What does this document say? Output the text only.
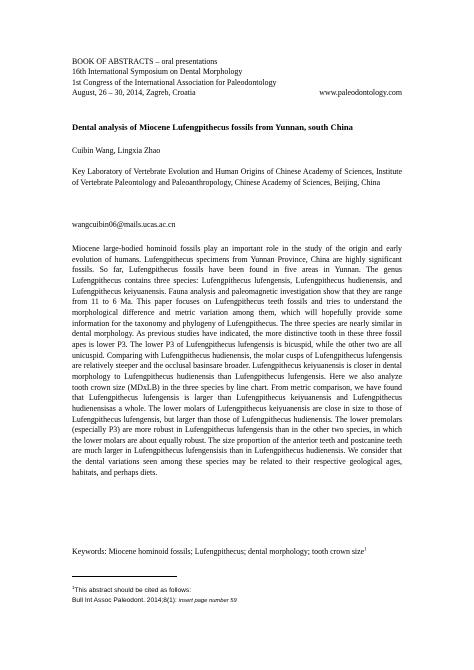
BOOK OF ABSTRACTS – oral presentations
16th International Symposium on Dental Morphology
1st Congress of the International Association for Paleodontology
August, 26 – 30, 2014, Zagreb, Croatia	www.paleodontology.com
Dental analysis of Miocene Lufengpithecus fossils from Yunnan, south China
Cuibin Wang, Lingxia Zhao
Key Laboratory of Vertebrate Evolution and Human Origins of Chinese Academy of Sciences, Institute of Vertebrate Paleontology and Paleoanthropology, Chinese Academy of Sciences, Beijing, China
wangcuibin06@mails.ucas.ac.cn
Miocene large-bodied hominoid fossils play an important role in the study of the origin and early evolution of humans. Lufengpithecus specimens from Yunnan Province, China are highly significant fossils. So far, Lufengpithecus fossils have been found in five areas in Yunnan. The genus Lufengpithecus contains three species: Lufengpithecus lufengensis, Lufengpithecus hudienensis, and Lufengpithecus keiyuanensis. Fauna analysis and paleomagnetic investigation show that they are range from 11 to 6 Ma. This paper focuses on Lufengpithecus teeth fossils and tries to understand the morphological difference and metric variation among them, which will hopefully provide some information for the taxonomy and phylogeny of Lufengpithecus. The three species are nearly similar in dental morphology. As previous studies have indicated, the more distinctive tooth in these three fossil apes is lower P3. The lower P3 of Lufengpithecus lufengensis is bicuspid, while the other two are all unicuspid. Comparing with Lufengpithecus hudienensis, the molar cusps of Lufengpithecus lufengensis are relatively steeper and the occlusal basinsare broader. Lufengpithecus keiyuanensis is closer in dental morphology to Lufengpithecus hudienensis than Lufengpithecus lufengensis. Here we also analyze tooth crown size (MDxLB) in the three species by line chart. From metric comparison, we have found that Lufengpithecus lufengensis is larger than Lufengpithecus keiyuanensis and Lufengpithecus hudienensisas a whole. The lower molars of Lufengpithecus keiyuanensis are close in size to those of Lufengpithecus lufengensis, but larger than those of Lufengpithecus hudienensis. The lower premolars (especially P3) are more robust in Lufengpithecus lufengensis than in the other two species, in which the lower molars are about equally robust. The size proportion of the anterior teeth and postcanine teeth are much larger in Lufengpithecus lufengensisis than in Lufengpithecus hudienensis. We consider that the dental variations seen among these species may be related to their respective geological ages, habitats, and perhaps diets.
Keywords: Miocene hominoid fossils; Lufengpithecus; dental morphology; tooth crown size$^1$
$^1$This abstract should be cited as follows:
Bull Int Assoc Paleodont. 2014;8(1): insert page number 59
